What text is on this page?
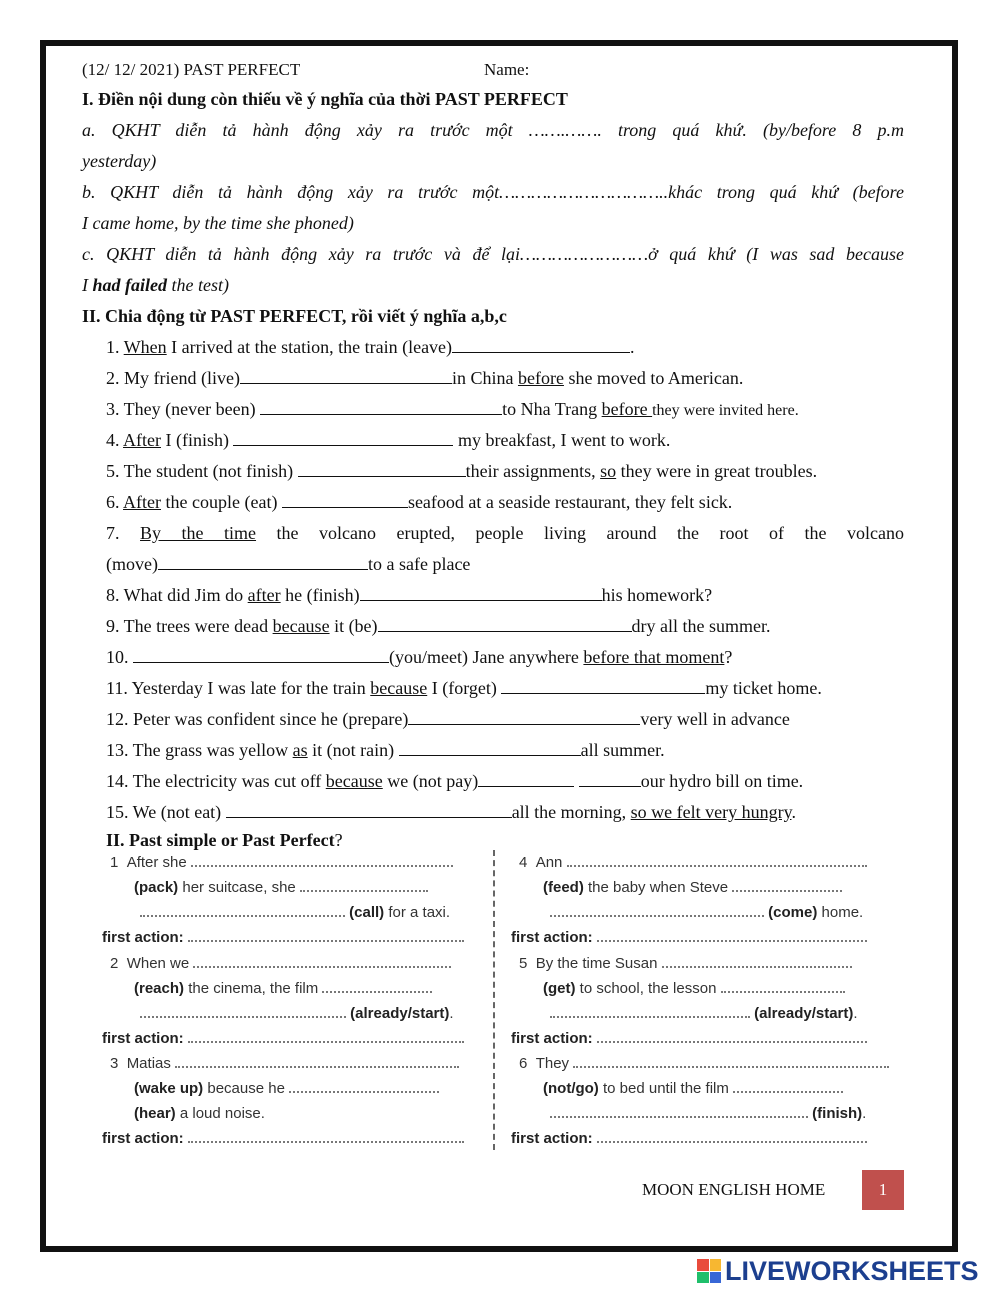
(12/ 12/ 2021) PAST PERFECT	Name:
I. Điền nội dung còn thiếu về ý nghĩa của thời PAST PERFECT
a. QKHT diễn tả hành động xảy ra trước một …….……. trong quá khứ. (by/before 8 p.m
yesterday)
b. QKHT diễn tả hành động xảy ra trước một…………………………..khác trong quá khứ (before
I came home, by the time she phoned)
c. QKHT diễn tả hành động xảy ra trước và để lại……………………ở quá khứ (I was sad because
I had failed the test)
II. Chia động từ PAST PERFECT, rồi viết ý nghĩa a,b,c
1. When I arrived at the station, the train (leave)	.
2. My friend (live)	in China before she moved to American.
3. They (never been)	to Nha Trang before they were invited here.
4. After I (finish)	my breakfast, I went to work.
5. The student (not finish)	their assignments, so they were in great troubles.
6. After the couple (eat)	seafood at a seaside restaurant, they felt sick.
7. By the time the volcano erupted, people living around the root of the volcano
(move)	to a safe place
8. What did Jim do after he (finish)	his homework?
9. The trees were dead because it (be)	dry all the summer.
10.	(you/meet) Jane anywhere before that moment?
11. Yesterday I was late for the train because I (forget)	my ticket home.
12. Peter was confident since he (prepare)	very well in advance
13. The grass was yellow as it (not rain)	all summer.
14. The electricity was cut off because we (not pay)	our hydro bill on time.
15. We (not eat)	all the morning, so we felt very hungry.
II. Past simple or Past Perfect?
1 After she
(pack) her suitcase, she
(call) for a taxi.
first action:
2 When we
(reach) the cinema, the film
(already/start).
first action:
3 Matias
(wake up) because he
(hear) a loud noise.
first action:
4 Ann
(feed) the baby when Steve
(come) home.
first action:
5 By the time Susan
(get) to school, the lesson
(already/start).
first action:
6 They
(not/go) to bed until the film
(finish).
first action:
MOON ENGLISH HOME	1
LIVEWORKSHEETS
